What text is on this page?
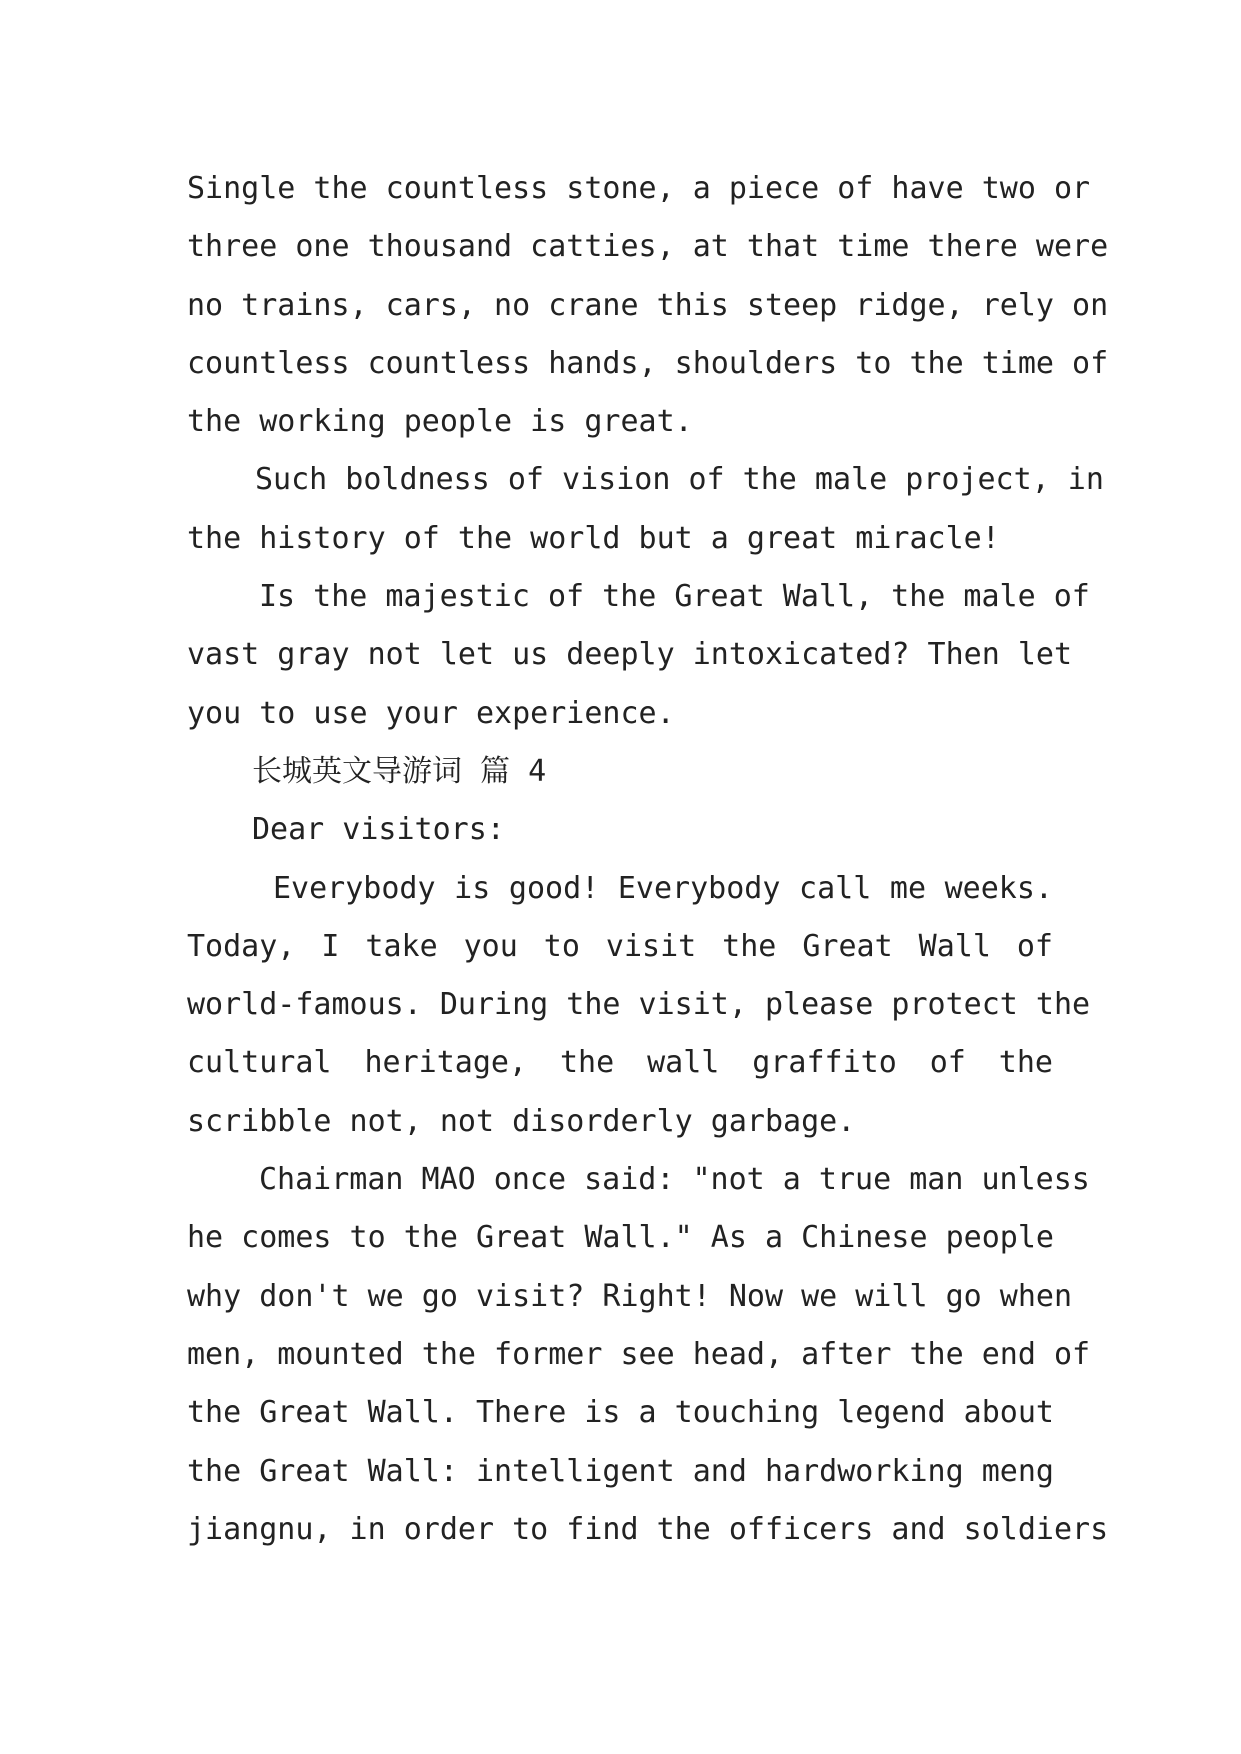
Single the countless stone, a piece of have two or
three one thousand catties, at that time there were
no trains, cars, no crane this steep ridge, rely on
countless countless hands, shoulders to the time of
the working people is great.
Such boldness of vision of the male project, in
the history of the world but a great miracle!
Is the majestic of the Great Wall, the male of
vast gray not let us deeply intoxicated? Then let
you to use your experience.
长城英文导游词 篇 4
Dear visitors:
Everybody is good! Everybody call me weeks.
Today, I take you to visit the Great Wall of
world-famous. During the visit, please protect the
cultural heritage, the wall graffito of the
scribble not, not disorderly garbage.
Chairman MAO once said: "not a true man unless
he comes to the Great Wall." As a Chinese people
why don't we go visit? Right! Now we will go when
men, mounted the former see head, after the end of
the Great Wall. There is a touching legend about
the Great Wall: intelligent and hardworking meng
jiangnu, in order to find the officers and soldiers
